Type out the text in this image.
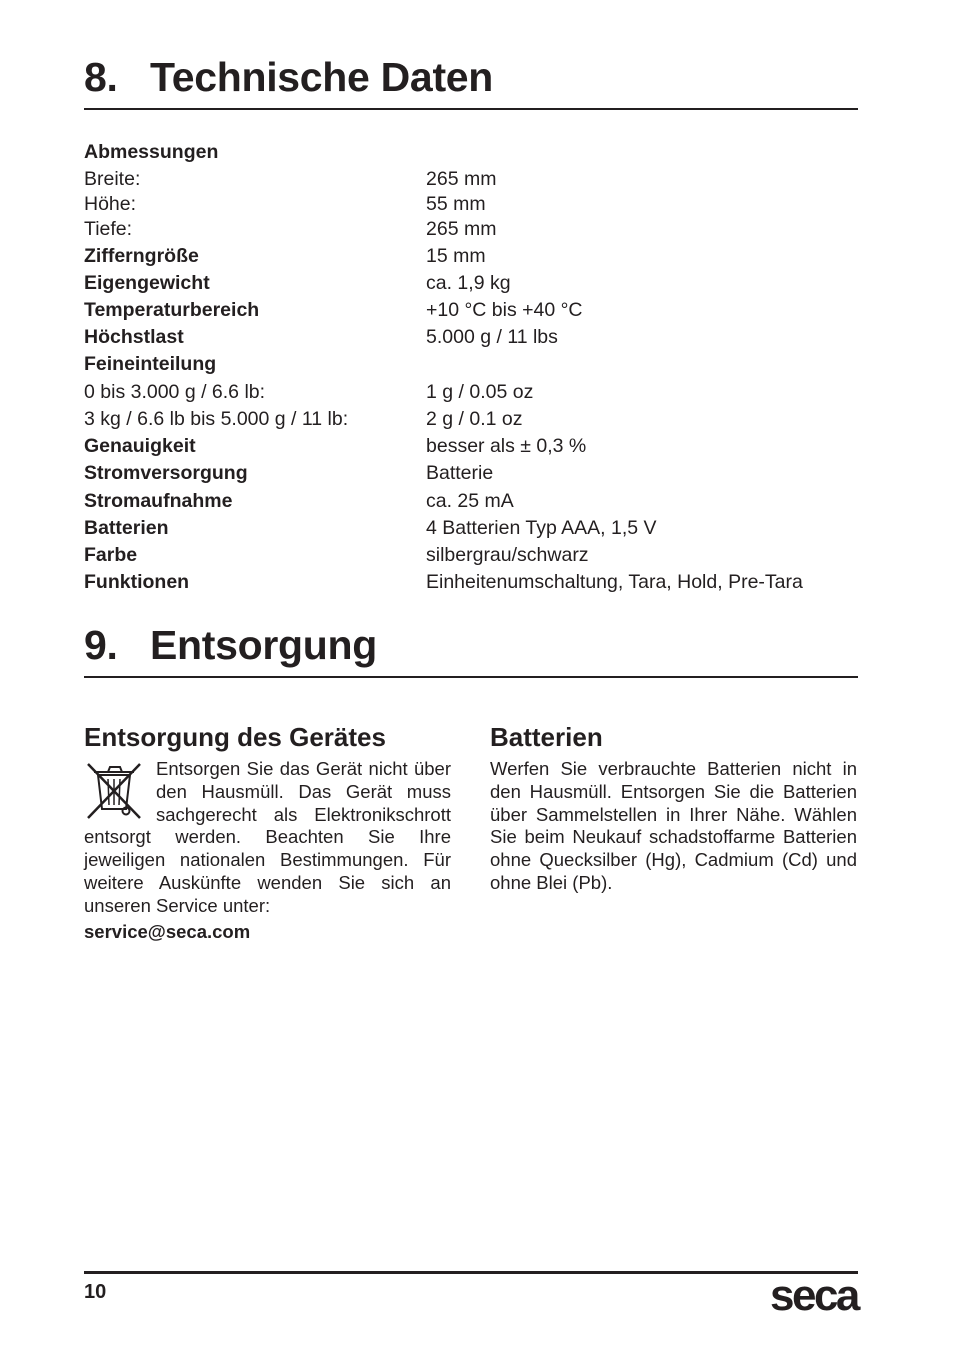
8. Technische Daten
Abmessungen
Breite:	265 mm
Höhe:	55 mm
Tiefe:	265 mm
Zifferngröße	15 mm
Eigengewicht	ca. 1,9 kg
Temperaturbereich	+10 °C bis +40 °C
Höchstlast	5.000 g / 11 lbs
Feineinteilung
0 bis 3.000 g / 6.6 lb:	1 g / 0.05 oz
3 kg / 6.6 lb bis 5.000 g / 11 lb:	2 g / 0.1 oz
Genauigkeit	besser als ± 0,3 %
Stromversorgung	Batterie
Stromaufnahme	ca. 25 mA
Batterien	4 Batterien Typ AAA, 1,5 V
Farbe	silbergrau/schwarz
Funktionen	Einheitenumschaltung, Tara, Hold, Pre-Tara
9. Entsorgung
Entsorgung des Gerätes
Entsorgen Sie das Gerät nicht über den Hausmüll. Das Gerät muss sachgerecht als Elektronikschrott entsorgt werden. Beachten Sie Ihre jeweiligen nationalen Bestimmungen. Für weitere Auskünfte wenden Sie sich an unseren Service unter:
service@seca.com
Batterien
Werfen Sie verbrauchte Batterien nicht in den Hausmüll. Entsorgen Sie die Batterien über Sammelstellen in Ihrer Nähe. Wählen Sie beim Neukauf schadstoffarme Batterien ohne Quecksilber (Hg), Cadmium (Cd) und ohne Blei (Pb).
10	seca
